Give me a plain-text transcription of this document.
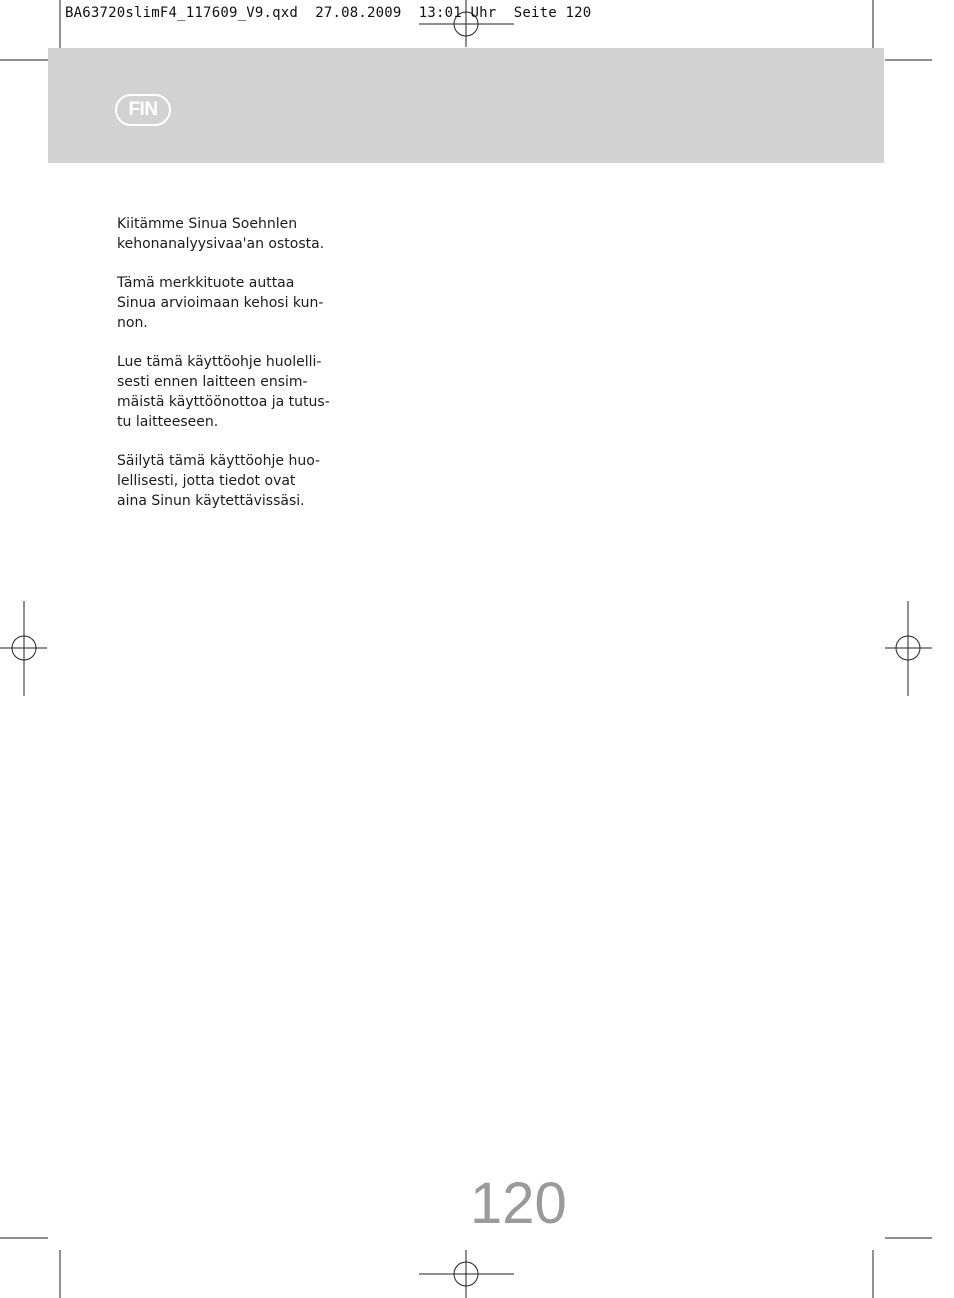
BA63720slimF4_117609_V9.qxd  27.08.2009  13:01 Uhr  Seite 120
FIN

Kiitämme Sinua Soehnlen
kehonanalyysivaa'an ostosta.

Tämä merkkituote auttaa
Sinua arvioimaan kehosi kun-
non.

Lue tämä käyttöohje huolelli-
sesti ennen laitteen ensim-
mäistä käyttöönottoa ja tutus-
tu laitteeseen.

Säilytä tämä käyttöohje huo-
lellisesti, jotta tiedot ovat
aina Sinun käytettävissäsi.

120
